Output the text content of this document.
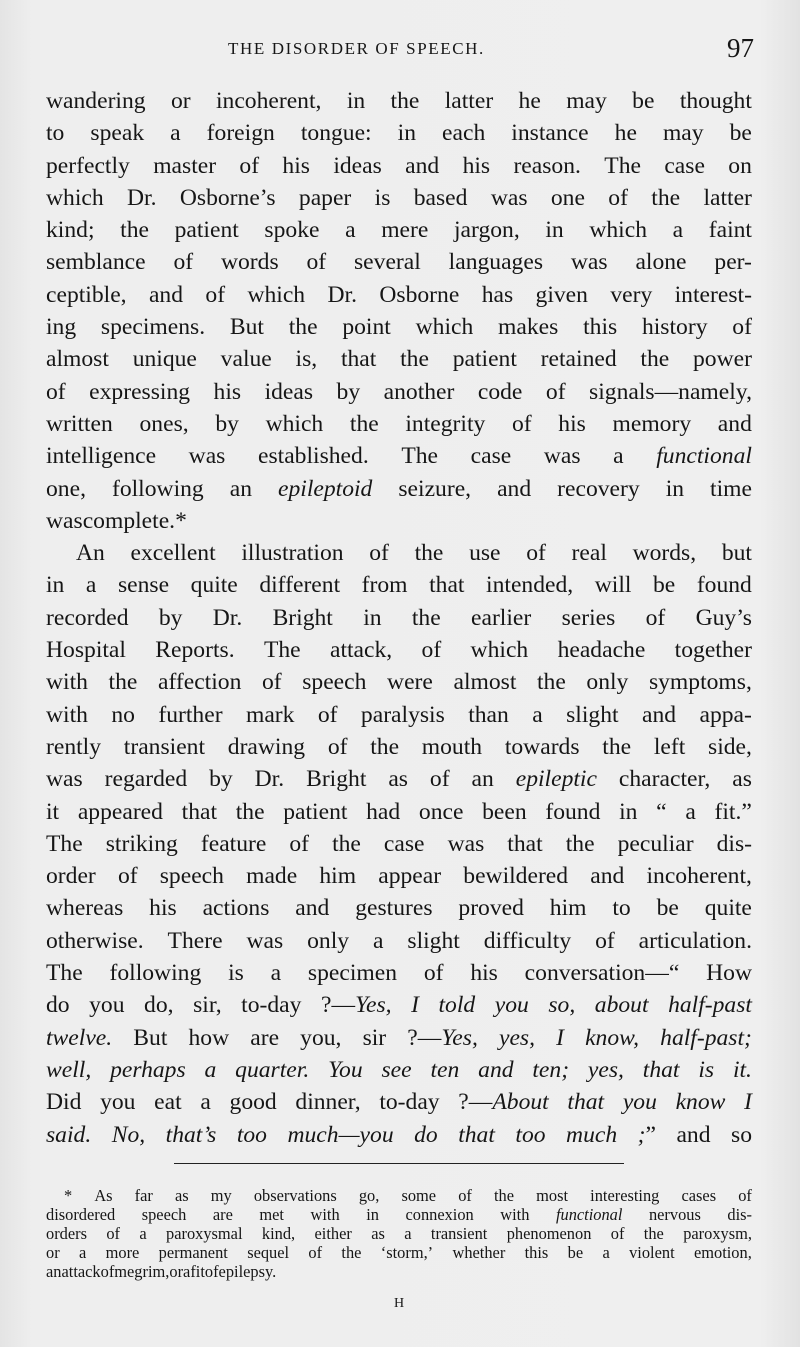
THE DISORDER OF SPEECH.	97
wandering or incoherent, in the latter he may be thought
to speak a foreign tongue: in each instance he may be
perfectly master of his ideas and his reason. The case on
which Dr. Osborne’s paper is based was one of the latter
kind; the patient spoke a mere jargon, in which a faint
semblance of words of several languages was alone per-
ceptible, and of which Dr. Osborne has given very interest-
ing specimens. But the point which makes this history of
almost unique value is, that the patient retained the power
of expressing his ideas by another code of signals—namely,
written ones, by which the integrity of his memory and
intelligence was established. The case was a functional
one, following an epileptoid seizure, and recovery in time
was complete.*
An excellent illustration of the use of real words, but
in a sense quite different from that intended, will be found
recorded by Dr. Bright in the earlier series of Guy’s
Hospital Reports. The attack, of which headache together
with the affection of speech were almost the only symptoms,
with no further mark of paralysis than a slight and appa-
rently transient drawing of the mouth towards the left side,
was regarded by Dr. Bright as of an epileptic character, as
it appeared that the patient had once been found in “ a fit.”
The striking feature of the case was that the peculiar dis-
order of speech made him appear bewildered and incoherent,
whereas his actions and gestures proved him to be quite
otherwise. There was only a slight difficulty of articulation.
The following is a specimen of his conversation—“ How
do you do, sir, to-day ?—Yes, I told you so, about half-past
twelve. But how are you, sir ?—Yes, yes, I know, half-past;
well, perhaps a quarter. You see ten and ten; yes, that is it.
Did you eat a good dinner, to-day ?—About that you know I
said. No, that’s too much—you do that too much ;” and so
* As far as my observations go, some of the most interesting cases of
disordered speech are met with in connexion with functional nervous dis-
orders of a paroxysmal kind, either as a transient phenomenon of the paroxysm,
or a more permanent sequel of the ‘storm,’ whether this be a violent emotion,
an attack of megrim, or a fit of epilepsy.
H
